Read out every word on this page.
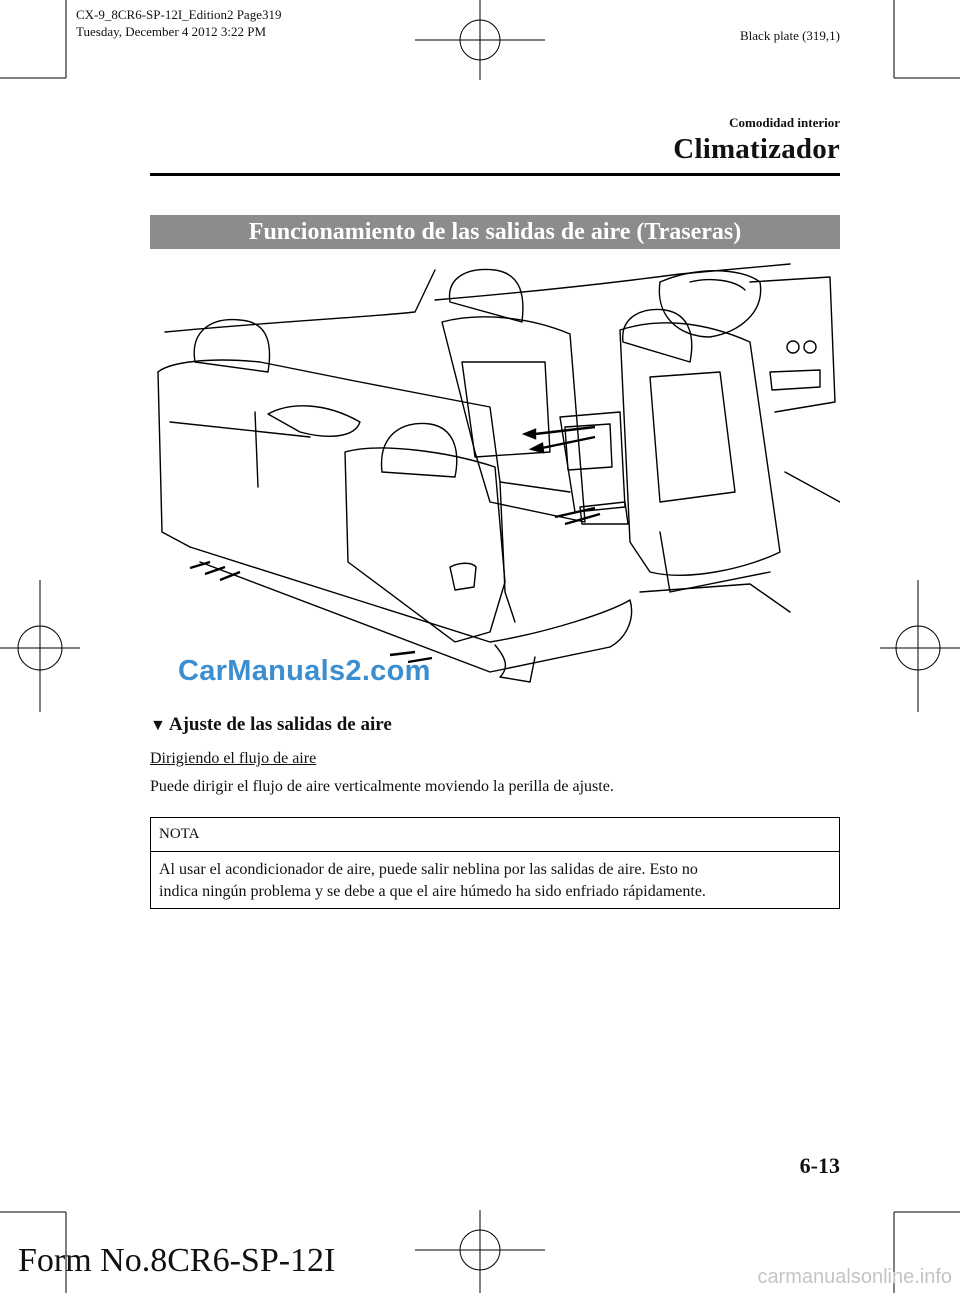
CX-9_8CR6-SP-12I_Edition2 Page319
Tuesday, December 4 2012 3:22 PM	Black plate (319,1)
Comodidad interior
Climatizador
Funcionamiento de las salidas de aire (Traseras)
CarManuals2.com
▼ Ajuste de las salidas de aire
Dirigiendo el flujo de aire
Puede dirigir el flujo de aire verticalmente moviendo la perilla de ajuste.
NOTA
Al usar el acondicionador de aire, puede salir neblina por las salidas de aire. Esto no
indica ningún problema y se debe a que el aire húmedo ha sido enfriado rápidamente.
6-13
Form No.8CR6-SP-12I	carmanualsonline.info
